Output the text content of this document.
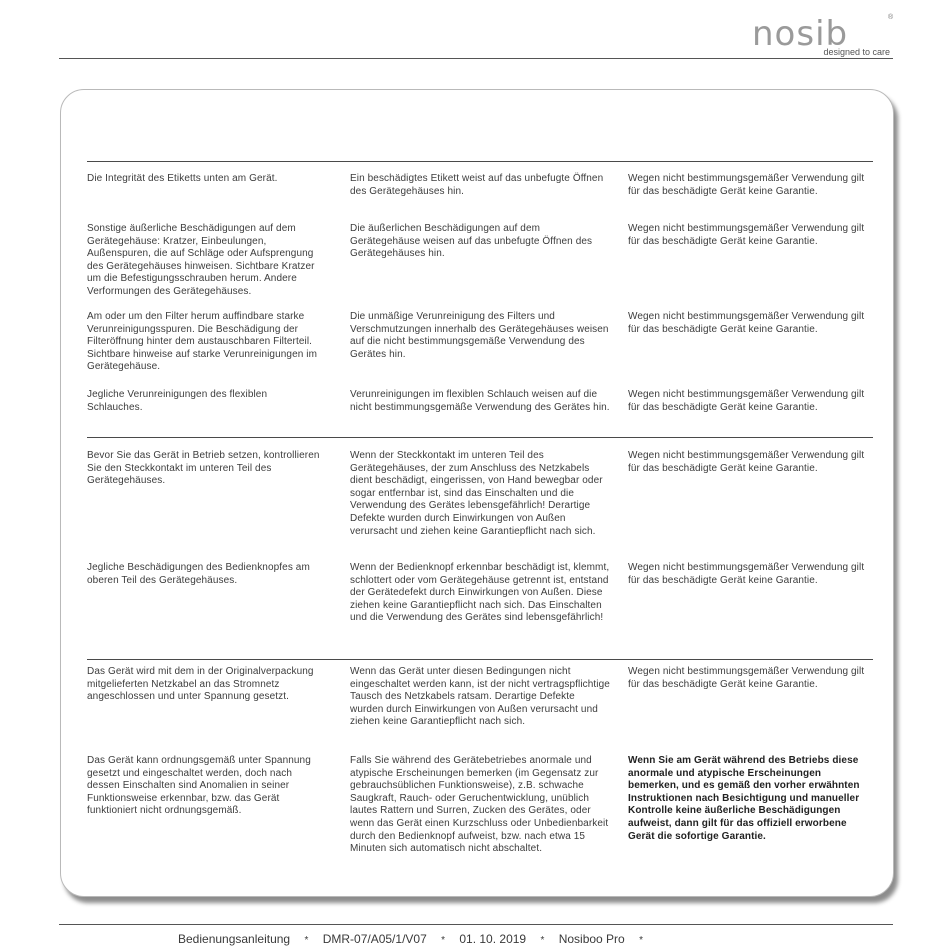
nosib
designed to care
®
Die Integrität des Etiketts unten am Gerät.	Ein beschädigtes Etikett weist auf das unbefugte Öffnen des Gerätegehäuses hin.
Wegen nicht bestimmungsgemäßer Verwendung gilt für das beschädigte Gerät keine Garantie.
Sonstige äußerliche Beschädigungen auf dem Gerätegehäuse: Kratzer, Einbeulungen, Außenspuren, die auf Schläge oder Aufsprengung des Gerätegehäuses hinweisen. Sichtbare Kratzer um die Befestigungsschrauben herum. Andere Verformungen des Gerätegehäuses.
Die äußerlichen Beschädigungen auf dem Gerätegehäuse weisen auf das unbefugte Öffnen des Gerätegehäuses hin.
Wegen nicht bestimmungsgemäßer Verwendung gilt für das beschädigte Gerät keine Garantie.
Am oder um den Filter herum auffindbare starke Verunreinigungsspuren. Die Beschädigung der Filteröffnung hinter dem austauschbaren Filterteil. Sichtbare hinweise auf starke Verunreinigungen im Gerätegehäuse.
Die unmäßige Verunreinigung des Filters und Verschmutzungen innerhalb des Gerätegehäuses weisen auf die nicht bestimmungsgemäße Verwendung des Gerätes hin.
Wegen nicht bestimmungsgemäßer Verwendung gilt für das beschädigte Gerät keine Garantie.
Jegliche Verunreinigungen des flexiblen Schlauches.
Verunreinigungen im flexiblen Schlauch weisen auf die nicht bestimmungsgemäße Verwendung des Gerätes hin.
Wegen nicht bestimmungsgemäßer Verwendung gilt für das beschädigte Gerät keine Garantie.
Bevor Sie das Gerät in Betrieb setzen, kontrollieren Sie den Steckkontakt im unteren Teil des Gerätegehäuses.
Wenn der Steckkontakt im unteren Teil des Gerätegehäuses, der zum Anschluss des Netzkabels dient beschädigt, eingerissen, von Hand bewegbar oder sogar entfernbar ist, sind das Einschalten und die Verwendung des Gerätes lebensgefährlich! Derartige Defekte wurden durch Einwirkungen von Außen verursacht und ziehen keine Garantiepflicht nach sich.
Wegen nicht bestimmungsgemäßer Verwendung gilt für das beschädigte Gerät keine Garantie.
Jegliche Beschädigungen des Bedienknopfes am oberen Teil des Gerätegehäuses.
Wenn der Bedienknopf erkennbar beschädigt ist, klemmt, schlottert oder vom Gerätegehäuse getrennt ist, entstand der Gerätedefekt durch Einwirkungen von Außen. Diese ziehen keine Garantiepflicht nach sich. Das Einschalten und die Verwendung des Gerätes sind lebensgefährlich!
Wegen nicht bestimmungsgemäßer Verwendung gilt für das beschädigte Gerät keine Garantie.
Das Gerät wird mit dem in der Originalverpackung mitgelieferten Netzkabel an das Stromnetz angeschlossen und unter Spannung gesetzt.
Wenn das Gerät unter diesen Bedingungen nicht eingeschaltet werden kann, ist der nicht vertragspflichtige Tausch des Netzkabels ratsam. Derartige Defekte wurden durch Einwirkungen von Außen verursacht und ziehen keine Garantiepflicht nach sich.
Wegen nicht bestimmungsgemäßer Verwendung gilt für das beschädigte Gerät keine Garantie.
Das Gerät kann ordnungsgemäß unter Spannung gesetzt und eingeschaltet werden, doch nach dessen Einschalten sind Anomalien in seiner Funktionsweise erkennbar, bzw. das Gerät funktioniert nicht ordnungsgemäß.
Falls Sie während des Gerätebetriebes anormale und atypische Erscheinungen bemerken (im Gegensatz zur gebrauchsüblichen Funktionsweise), z.B. schwache Saugkraft, Rauch- oder Geruchentwicklung, unüblich lautes Rattern und Surren, Zucken des Gerätes, oder wenn das Gerät einen Kurzschluss oder Unbedienbarkeit durch den Bedienknopf aufweist, bzw. nach etwa 15 Minuten sich automatisch nicht abschaltet.
Wenn Sie am Gerät während des Betriebs diese anormale und atypische Erscheinungen bemerken, und es gemäß den vorher erwähnten Instruktionen nach Besichtigung und manueller Kontrolle keine äußerliche Beschädigungen aufweist, dann gilt für das offiziell erworbene Gerät die sofortige Garantie.
Bedienungsanleitung * DMR-07/A05/1/V07 * 01. 10. 2019 * Nosiboo Pro *
